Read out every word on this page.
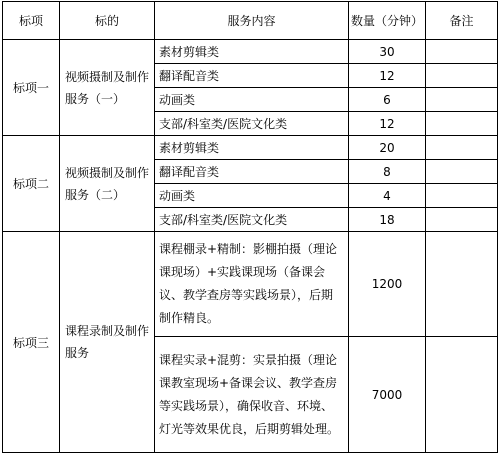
标项	标的	服务内容	数量（分钟）	备注
标项一	视频摄制及制作服务（一）	素材剪辑类	30	
		翻译配音类	12	
		动画类	6	
		支部/科室类/医院文化类	12	
标项二	视频摄制及制作服务（二）	素材剪辑类	20	
		翻译配音类	8	
		动画类	4	
		支部/科室类/医院文化类	18	
标项三	课程录制及制作服务	课程棚录+精制：影棚拍摄（理论课现场）+实践课现场（备课会议、教学查房等实践场景），后期制作精良。	1200	
		课程实录+混剪：实景拍摄（理论课教室现场+备课会议、教学查房等实践场景），确保收音、环境、灯光等效果优良，后期剪辑处理。	7000	
